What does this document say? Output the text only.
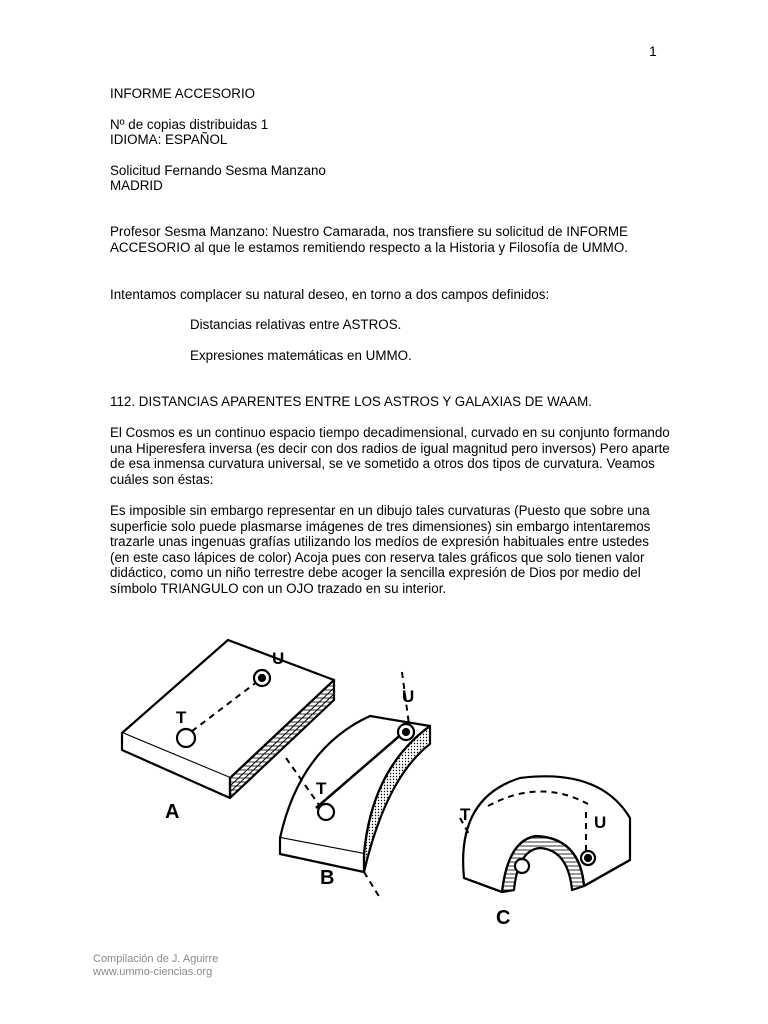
1

INFORME ACCESORIO

Nº de copias distribuidas 1

IDIOMA: ESPAÑOL

Solicitud Fernando Sesma Manzano

MADRID

Profesor Sesma Manzano: Nuestro Camarada, nos transfiere su solicitud de INFORME ACCESORIO al que le estamos remitiendo respecto a la Historia y Filosofía de UMMO.
Intentamos complacer su natural deseo, en torno a dos campos definidos:
Distancias relativas entre ASTROS.
Expresiones matemáticas en UMMO.
112. DISTANCIAS APARENTES ENTRE LOS ASTROS Y GALAXIAS DE WAAM.
El Cosmos es un continuo espacio tiempo decadimensional, curvado en su conjunto formando una Hiperesfera inversa (es decir con dos radios de igual magnitud pero inversos) Pero aparte de esa inmensa curvatura universal, se ve sometido a otros dos tipos de curvatura. Veamos cuáles son éstas:
Es imposible sin embargo representar en un dibujo tales curvaturas (Puesto que sobre una superficie solo puede plasmarse imágenes de tres dimensiones) sin embargo intentaremos trazarle unas ingenuas grafías utilizando los medíos de expresión habituales entre ustedes (en este caso lápices de color) Acoja pues con reserva tales gráficos que solo tienen valor didáctico, como un niño terrestre debe acoger la sencilla expresión de Dios por medio del símbolo TRIANGULO con un OJO trazado en su interior.
T
U
A
T
U
B
T	U
C
Compilación de J. Aguirre
www.ummo-ciencias.org
